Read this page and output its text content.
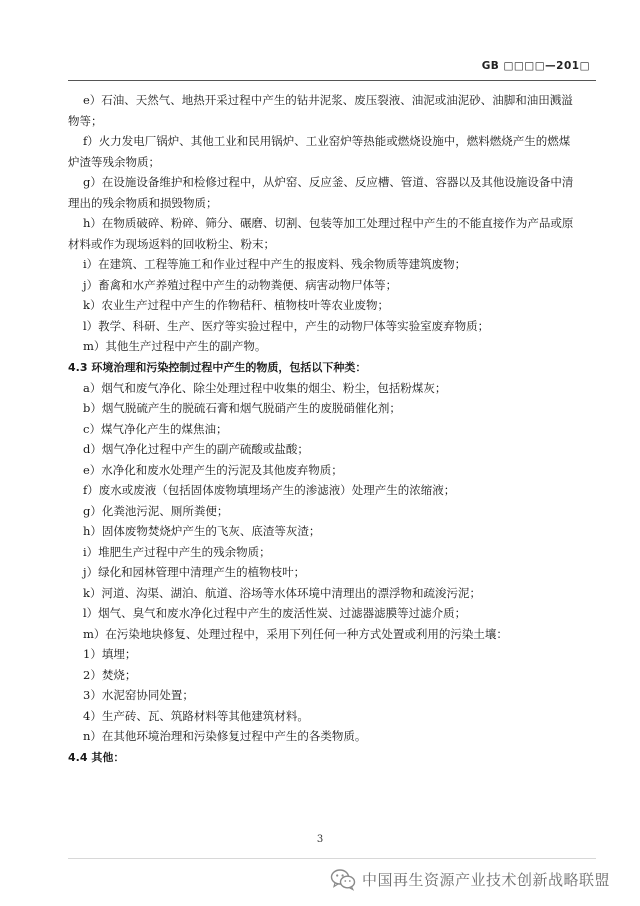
GB □□□□—201□

e）石油、天然气、地热开采过程中产生的钻井泥浆、废压裂液、油泥或油泥砂、油脚和油田溅溢

物等；

f）火力发电厂锅炉、其他工业和民用锅炉、工业窑炉等热能或燃烧设施中，燃料燃烧产生的燃煤

炉渣等残余物质；

g）在设施设备维护和检修过程中，从炉窑、反应釜、反应槽、管道、容器以及其他设施设备中清

理出的残余物质和损毁物质；

h）在物质破碎、粉碎、筛分、碾磨、切割、包装等加工处理过程中产生的不能直接作为产品或原

材料或作为现场返料的回收粉尘、粉末；

i）在建筑、工程等施工和作业过程中产生的报废料、残余物质等建筑废物；

j）畜禽和水产养殖过程中产生的动物粪便、病害动物尸体等；

k）农业生产过程中产生的作物秸秆、植物枝叶等农业废物；

l）教学、科研、生产、医疗等实验过程中，产生的动物尸体等实验室废弃物质；

m）其他生产过程中产生的副产物。

4.3 环境治理和污染控制过程中产生的物质，包括以下种类：

a）烟气和废气净化、除尘处理过程中收集的烟尘、粉尘，包括粉煤灰；

b）烟气脱硫产生的脱硫石膏和烟气脱硝产生的废脱硝催化剂；

c）煤气净化产生的煤焦油；

d）烟气净化过程中产生的副产硫酸或盐酸；

e）水净化和废水处理产生的污泥及其他废弃物质；

f）废水或废液（包括固体废物填埋场产生的渗滤液）处理产生的浓缩液；

g）化粪池污泥、厕所粪便；

h）固体废物焚烧炉产生的飞灰、底渣等灰渣；

i）堆肥生产过程中产生的残余物质；

j）绿化和园林管理中清理产生的植物枝叶；

k）河道、沟渠、湖泊、航道、浴场等水体环境中清理出的漂浮物和疏浚污泥；

l）烟气、臭气和废水净化过程中产生的废活性炭、过滤器滤膜等过滤介质；

m）在污染地块修复、处理过程中，采用下列任何一种方式处置或利用的污染土壤：

1）填埋；

2）焚烧；

3）水泥窑协同处置；

4）生产砖、瓦、筑路材料等其他建筑材料。

n）在其他环境治理和污染修复过程中产生的各类物质。

4.4 其他：

3
中国再生资源产业技术创新战略联盟
